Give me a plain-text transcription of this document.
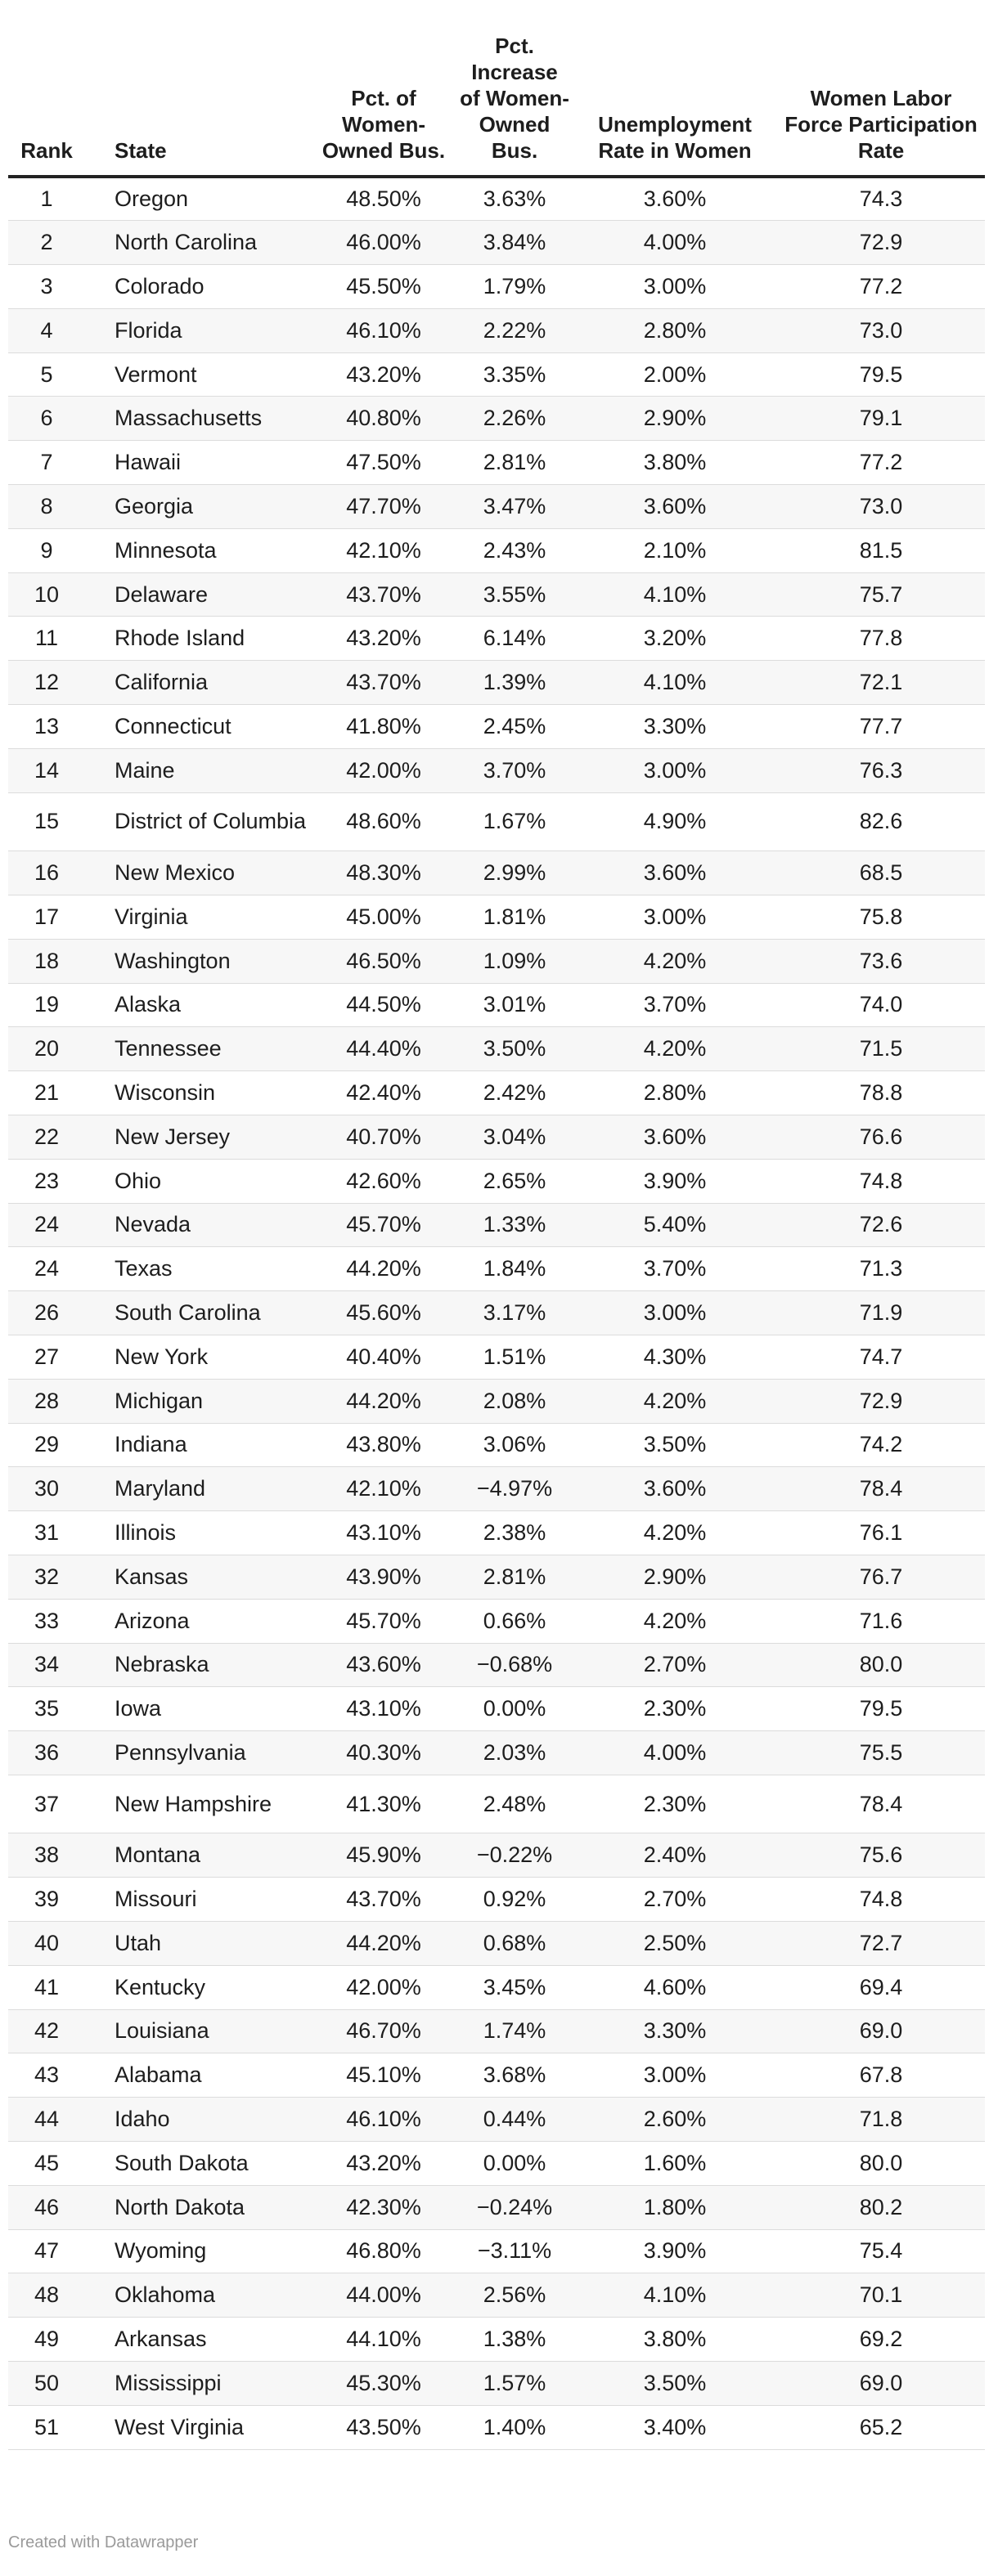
Rank	State	Pct. of Women-Owned Bus.	Pct. Increase of Women-Owned Bus.	Unemployment Rate in Women	Women Labor Force Participation Rate
1	Oregon	48.50%	3.63%	3.60%	74.3
2	North Carolina	46.00%	3.84%	4.00%	72.9
3	Colorado	45.50%	1.79%	3.00%	77.2
4	Florida	46.10%	2.22%	2.80%	73.0
5	Vermont	43.20%	3.35%	2.00%	79.5
6	Massachusetts	40.80%	2.26%	2.90%	79.1
7	Hawaii	47.50%	2.81%	3.80%	77.2
8	Georgia	47.70%	3.47%	3.60%	73.0
9	Minnesota	42.10%	2.43%	2.10%	81.5
10	Delaware	43.70%	3.55%	4.10%	75.7
11	Rhode Island	43.20%	6.14%	3.20%	77.8
12	California	43.70%	1.39%	4.10%	72.1
13	Connecticut	41.80%	2.45%	3.30%	77.7
14	Maine	42.00%	3.70%	3.00%	76.3
15	District of Columbia	48.60%	1.67%	4.90%	82.6
16	New Mexico	48.30%	2.99%	3.60%	68.5
17	Virginia	45.00%	1.81%	3.00%	75.8
18	Washington	46.50%	1.09%	4.20%	73.6
19	Alaska	44.50%	3.01%	3.70%	74.0
20	Tennessee	44.40%	3.50%	4.20%	71.5
21	Wisconsin	42.40%	2.42%	2.80%	78.8
22	New Jersey	40.70%	3.04%	3.60%	76.6
23	Ohio	42.60%	2.65%	3.90%	74.8
24	Nevada	45.70%	1.33%	5.40%	72.6
24	Texas	44.20%	1.84%	3.70%	71.3
26	South Carolina	45.60%	3.17%	3.00%	71.9
27	New York	40.40%	1.51%	4.30%	74.7
28	Michigan	44.20%	2.08%	4.20%	72.9
29	Indiana	43.80%	3.06%	3.50%	74.2
30	Maryland	42.10%	−4.97%	3.60%	78.4
31	Illinois	43.10%	2.38%	4.20%	76.1
32	Kansas	43.90%	2.81%	2.90%	76.7
33	Arizona	45.70%	0.66%	4.20%	71.6
34	Nebraska	43.60%	−0.68%	2.70%	80.0
35	Iowa	43.10%	0.00%	2.30%	79.5
36	Pennsylvania	40.30%	2.03%	4.00%	75.5
37	New Hampshire	41.30%	2.48%	2.30%	78.4
38	Montana	45.90%	−0.22%	2.40%	75.6
39	Missouri	43.70%	0.92%	2.70%	74.8
40	Utah	44.20%	0.68%	2.50%	72.7
41	Kentucky	42.00%	3.45%	4.60%	69.4
42	Louisiana	46.70%	1.74%	3.30%	69.0
43	Alabama	45.10%	3.68%	3.00%	67.8
44	Idaho	46.10%	0.44%	2.60%	71.8
45	South Dakota	43.20%	0.00%	1.60%	80.0
46	North Dakota	42.30%	−0.24%	1.80%	80.2
47	Wyoming	46.80%	−3.11%	3.90%	75.4
48	Oklahoma	44.00%	2.56%	4.10%	70.1
49	Arkansas	44.10%	1.38%	3.80%	69.2
50	Mississippi	45.30%	1.57%	3.50%	69.0
51	West Virginia	43.50%	1.40%	3.40%	65.2
Created with Datawrapper
